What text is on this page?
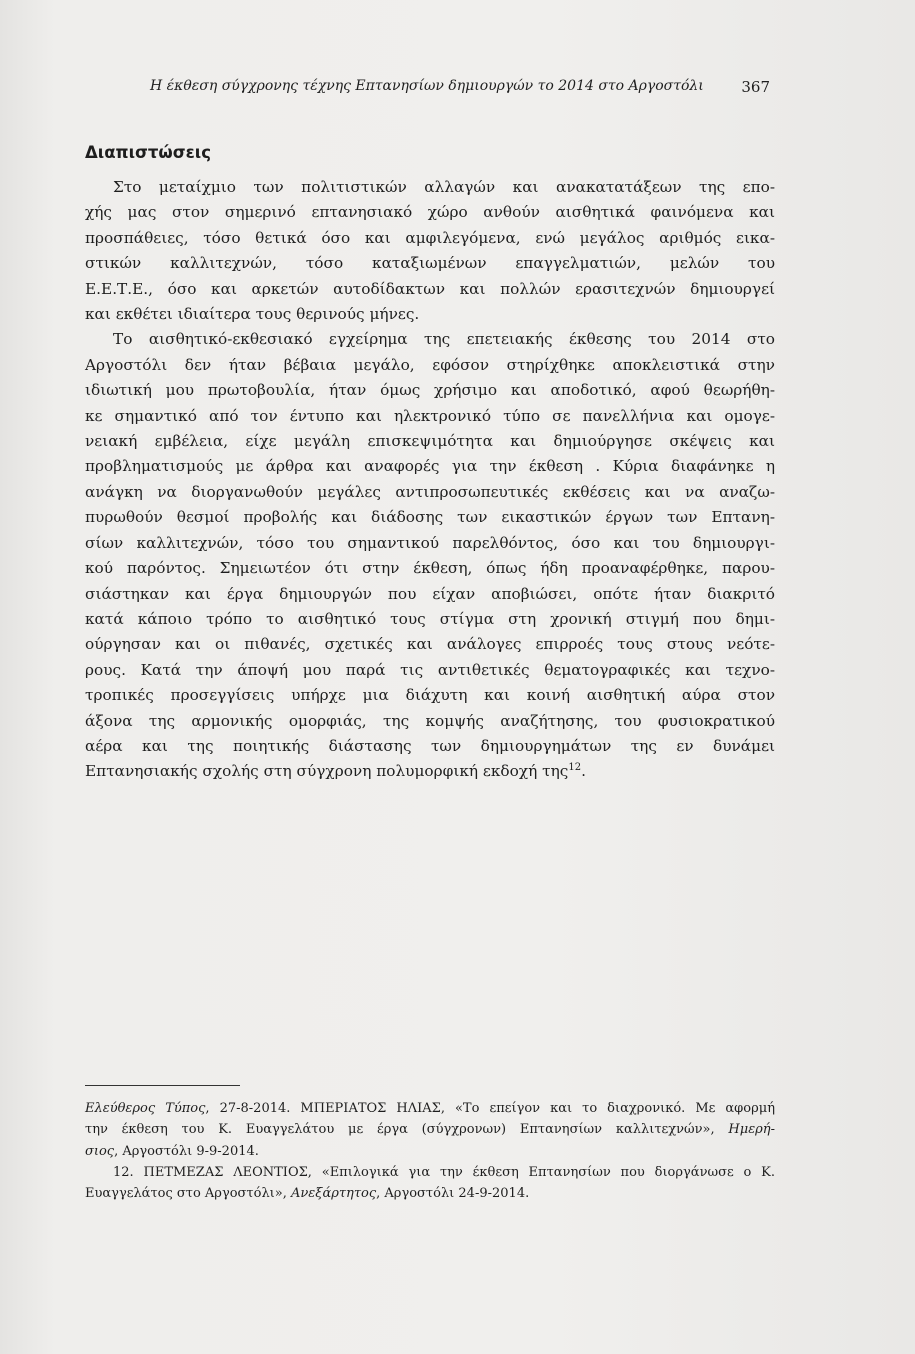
Η έκθεση σύγχρονης τέχνης Επτανησίων δημιουργών το 2014 στο Αργοστόλι	367
Διαπιστώσεις
Στο μεταίχμιο των πολιτιστικών αλλαγών και ανακατατάξεων της επο-
χής μας στον σημερινό επτανησιακό χώρο ανθούν αισθητικά φαινόμενα και
προσπάθειες, τόσο θετικά όσο και αμφιλεγόμενα, ενώ μεγάλος αριθμός εικα-
στικών καλλιτεχνών, τόσο καταξιωμένων επαγγελματιών, μελών του
Ε.Ε.Τ.Ε., όσο και αρκετών αυτοδίδακτων και πολλών ερασιτεχνών δημιουργεί
και εκθέτει ιδιαίτερα τους θερινούς μήνες.
Το αισθητικό-εκθεσιακό εγχείρημα της επετειακής έκθεσης του 2014 στο
Αργοστόλι δεν ήταν βέβαια μεγάλο, εφόσον στηρίχθηκε αποκλειστικά στην
ιδιωτική μου πρωτοβουλία, ήταν όμως χρήσιμο και αποδοτικό, αφού θεωρήθη-
κε σημαντικό από τον έντυπο και ηλεκτρονικό τύπο σε πανελλήνια και ομογε-
νειακή εμβέλεια, είχε μεγάλη επισκεψιμότητα και δημιούργησε σκέψεις και
προβληματισμούς με άρθρα και αναφορές για την έκθεση . Κύρια διαφάνηκε η
ανάγκη να διοργανωθούν μεγάλες αντιπροσωπευτικές εκθέσεις και να αναζω-
πυρωθούν θεσμοί προβολής και διάδοσης των εικαστικών έργων των Επτανη-
σίων καλλιτεχνών, τόσο του σημαντικού παρελθόντος, όσο και του δημιουργι-
κού παρόντος. Σημειωτέον ότι στην έκθεση, όπως ήδη προαναφέρθηκε, παρου-
σιάστηκαν και έργα δημιουργών που είχαν αποβιώσει, οπότε ήταν διακριτό
κατά κάποιο τρόπο το αισθητικό τους στίγμα στη χρονική στιγμή που δημι-
ούργησαν και οι πιθανές, σχετικές και ανάλογες επιρροές τους στους νεότε-
ρους. Κατά την άποψή μου παρά τις αντιθετικές θεματογραφικές και τεχνο-
τροπικές προσεγγίσεις υπήρχε μια διάχυτη και κοινή αισθητική αύρα στον
άξονα της αρμονικής ομορφιάς, της κομψής αναζήτησης, του φυσιοκρατικού
αέρα και της ποιητικής διάστασης των δημιουργημάτων της εν δυνάμει
Επτανησιακής σχολής στη σύγχρονη πολυμορφική εκδοχή της$^{12}$.
Ελεύθερος Τύπος, 27-8-2014. ΜΠΕΡΙΑΤΟΣ ΗΛΙΑΣ, «Το επείγον και το διαχρονικό. Με αφορμή
την έκθεση του Κ. Ευαγγελάτου με έργα (σύγχρονων) Επτανησίων καλλιτεχνών», Ημερή-
σιος, Αργοστόλι 9-9-2014.
12. ΠΕΤΜΕΖΑΣ ΛΕΟΝΤΙΟΣ, «Επιλογικά για την έκθεση Επτανησίων που διοργάνωσε ο Κ.
Ευαγγελάτος στο Αργοστόλι», Ανεξάρτητος, Αργοστόλι 24-9-2014.
